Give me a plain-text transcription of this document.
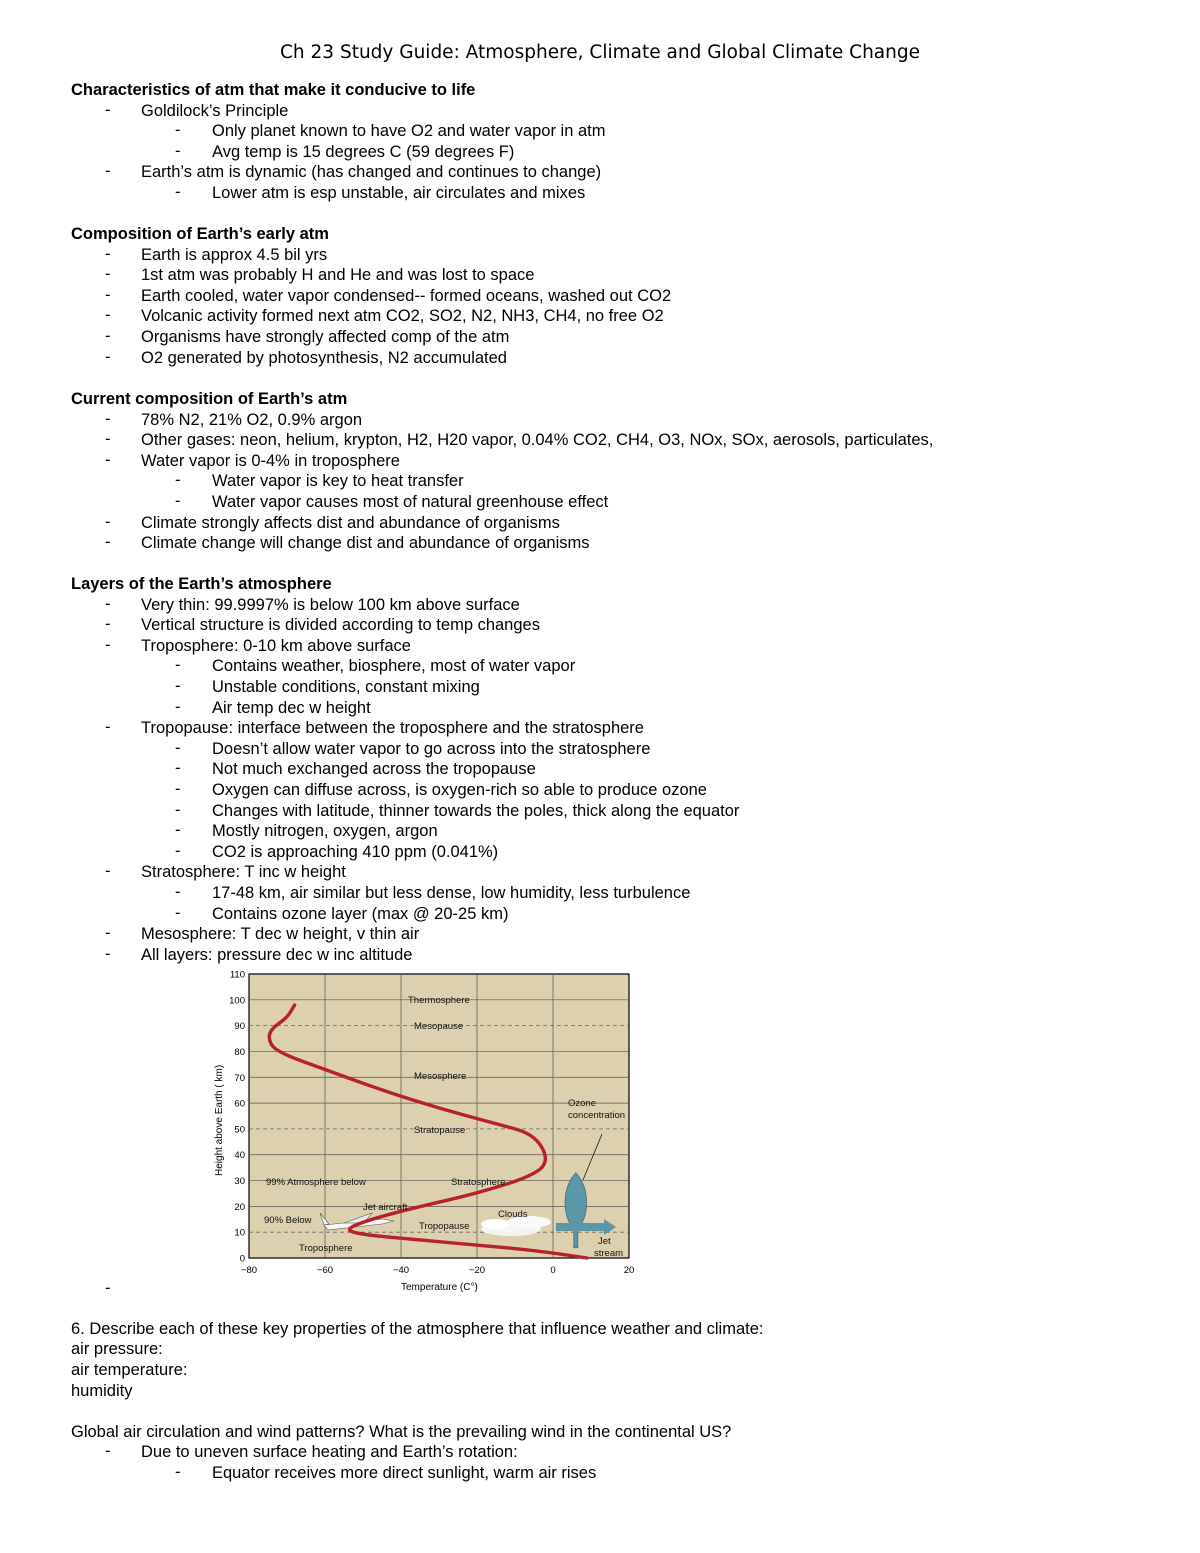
Ch 23 Study Guide: Atmosphere, Climate and Global Climate Change
Characteristics of atm that make it conducive to life
- Goldilock’s Principle
- Only planet known to have O2 and water vapor in atm
- Avg temp is 15 degrees C (59 degrees F)
- Earth’s atm is dynamic (has changed and continues to change)
- Lower atm is esp unstable, air circulates and mixes
Composition of Earth’s early atm
- Earth is approx 4.5 bil yrs
- 1st atm was probably H and He and was lost to space
- Earth cooled, water vapor condensed-- formed oceans, washed out CO2
- Volcanic activity formed next atm CO2, SO2, N2, NH3, CH4, no free O2
- Organisms have strongly affected comp of the atm
- O2 generated by photosynthesis, N2 accumulated
Current composition of Earth’s atm
- 78% N2, 21% O2, 0.9% argon
- Other gases: neon, helium, krypton, H2, H20 vapor, 0.04% CO2, CH4, O3, NOx, SOx, aerosols, particulates,
- Water vapor is 0-4% in troposphere
- Water vapor is key to heat transfer
- Water vapor causes most of natural greenhouse effect
- Climate strongly affects dist and abundance of organisms
- Climate change will change dist and abundance of organisms
Layers of the Earth’s atmosphere
- Very thin: 99.9997% is below 100 km above surface
- Vertical structure is divided according to temp changes
- Troposphere: 0-10 km above surface
- Contains weather, biosphere, most of water vapor
- Unstable conditions, constant mixing
- Air temp dec w height
- Tropopause: interface between the troposphere and the stratosphere
- Doesn’t allow water vapor to go across into the stratosphere
- Not much exchanged across the tropopause
- Oxygen can diffuse across, is oxygen-rich so able to produce ozone
- Changes with latitude, thinner towards the poles, thick along the equator
- Mostly nitrogen, oxygen, argon
- CO2 is approaching 410 ppm (0.041%)
- Stratosphere: T inc w height
- 17-48 km, air similar but less dense, low humidity, less turbulence
- Contains ozone layer (max @ 20-25 km)
- Mesosphere: T dec w height, v thin air
- All layers: pressure dec w inc altitude
0
10
20
30
40
50
60
70
80
90
100
110
−80	−60	−40	−20	0	20
Height above Earth ( km)
Temperature (C°)
Thermosphere
Mesopause
Mesosphere
Stratopause
Stratosphere
Tropopause
Troposphere
99% Atmosphere below
90% Below
Jet aircraft
Clouds
Ozone
concentration
Jet
stream
-
6. Describe each of these key properties of the atmosphere that influence weather and climate:
air pressure:
air temperature:
humidity
Global air circulation and wind patterns? What is the prevailing wind in the continental US?
- Due to uneven surface heating and Earth’s rotation:
- Equator receives more direct sunlight, warm air rises
